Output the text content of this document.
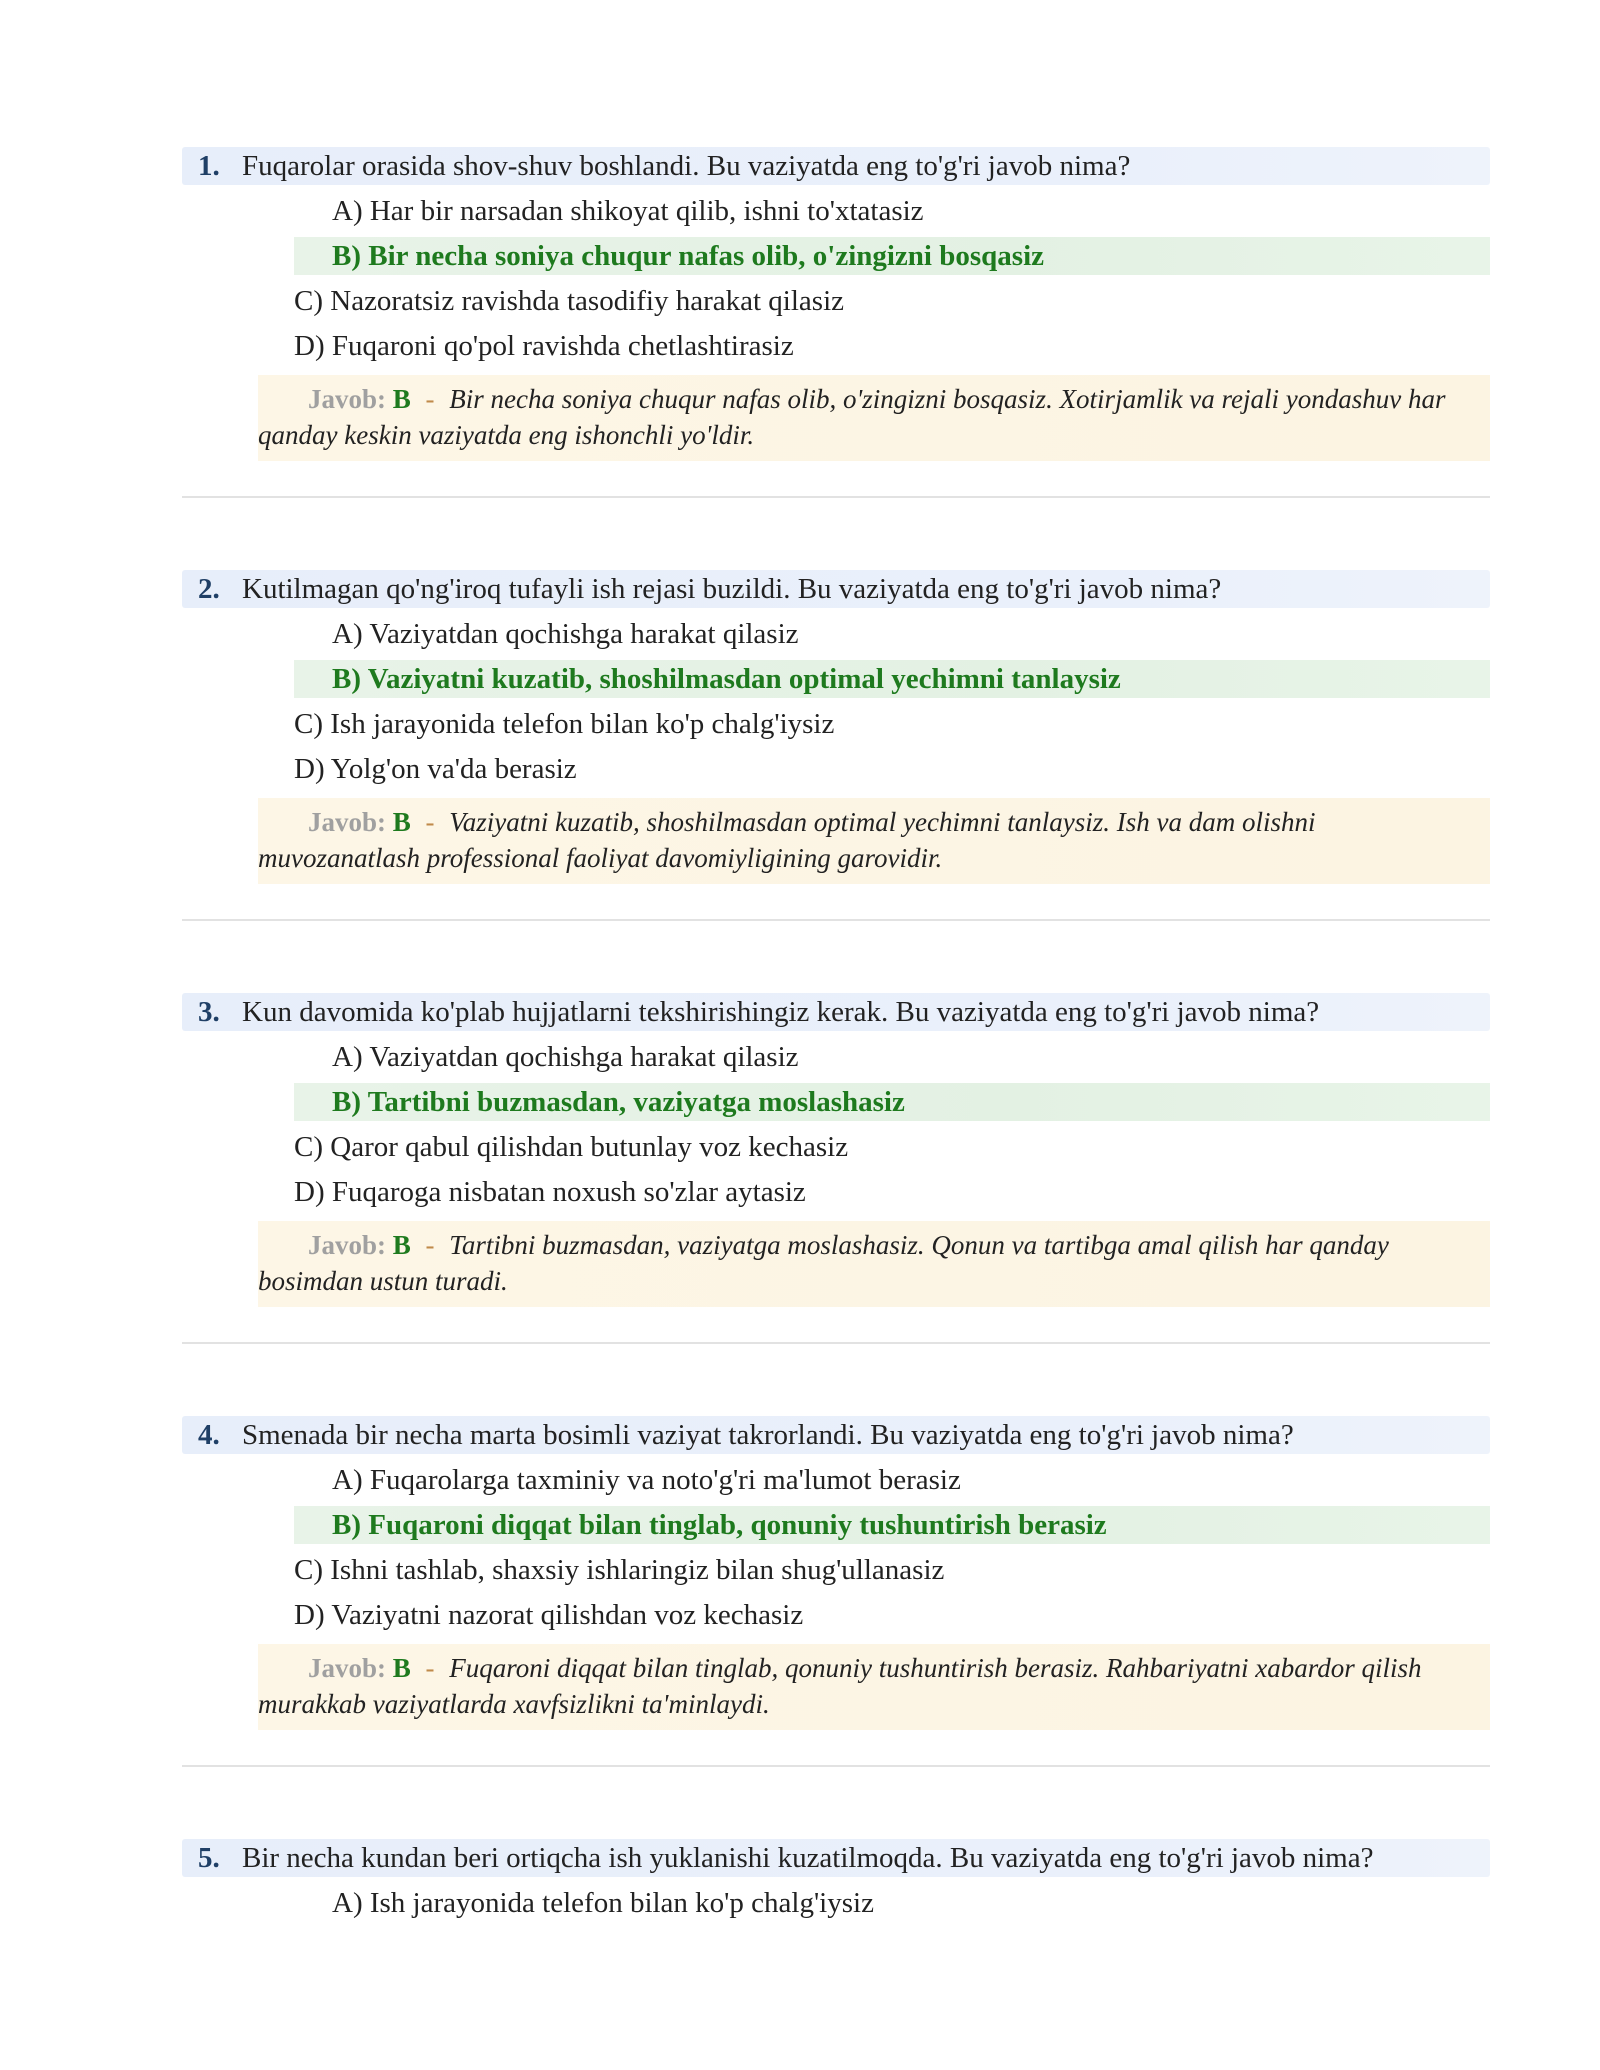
1. Fuqarolar orasida shov-shuv boshlandi. Bu vaziyatda eng to'g'ri javob nima?
A) Har bir narsadan shikoyat qilib, ishni to'xtatasiz
B) Bir necha soniya chuqur nafas olib, o'zingizni bosqasiz
C) Nazoratsiz ravishda tasodifiy harakat qilasiz
D) Fuqaroni qo'pol ravishda chetlashtirasiz
Javob: B - Bir necha soniya chuqur nafas olib, o'zingizni bosqasiz. Xotirjamlik va rejali yondashuv har qanday keskin vaziyatda eng ishonchli yo'ldir.
2. Kutilmagan qo'ng'iroq tufayli ish rejasi buzildi. Bu vaziyatda eng to'g'ri javob nima?
A) Vaziyatdan qochishga harakat qilasiz
B) Vaziyatni kuzatib, shoshilmasdan optimal yechimni tanlaysiz
C) Ish jarayonida telefon bilan ko'p chalg'iysiz
D) Yolg'on va'da berasiz
Javob: B - Vaziyatni kuzatib, shoshilmasdan optimal yechimni tanlaysiz. Ish va dam olishni muvozanatlash professional faoliyat davomiyligining garovidir.
3. Kun davomida ko'plab hujjatlarni tekshirishingiz kerak. Bu vaziyatda eng to'g'ri javob nima?
A) Vaziyatdan qochishga harakat qilasiz
B) Tartibni buzmasdan, vaziyatga moslashasiz
C) Qaror qabul qilishdan butunlay voz kechasiz
D) Fuqaroga nisbatan noxush so'zlar aytasiz
Javob: B - Tartibni buzmasdan, vaziyatga moslashasiz. Qonun va tartibga amal qilish har qanday bosimdan ustun turadi.
4. Smenada bir necha marta bosimli vaziyat takrorlandi. Bu vaziyatda eng to'g'ri javob nima?
A) Fuqarolarga taxminiy va noto'g'ri ma'lumot berasiz
B) Fuqaroni diqqat bilan tinglab, qonuniy tushuntirish berasiz
C) Ishni tashlab, shaxsiy ishlaringiz bilan shug'ullanasiz
D) Vaziyatni nazorat qilishdan voz kechasiz
Javob: B - Fuqaroni diqqat bilan tinglab, qonuniy tushuntirish berasiz. Rahbariyatni xabardor qilish murakkab vaziyatlarda xavfsizlikni ta'minlaydi.
5. Bir necha kundan beri ortiqcha ish yuklanishi kuzatilmoqda. Bu vaziyatda eng to'g'ri javob nima?
A) Ish jarayonida telefon bilan ko'p chalg'iysiz
